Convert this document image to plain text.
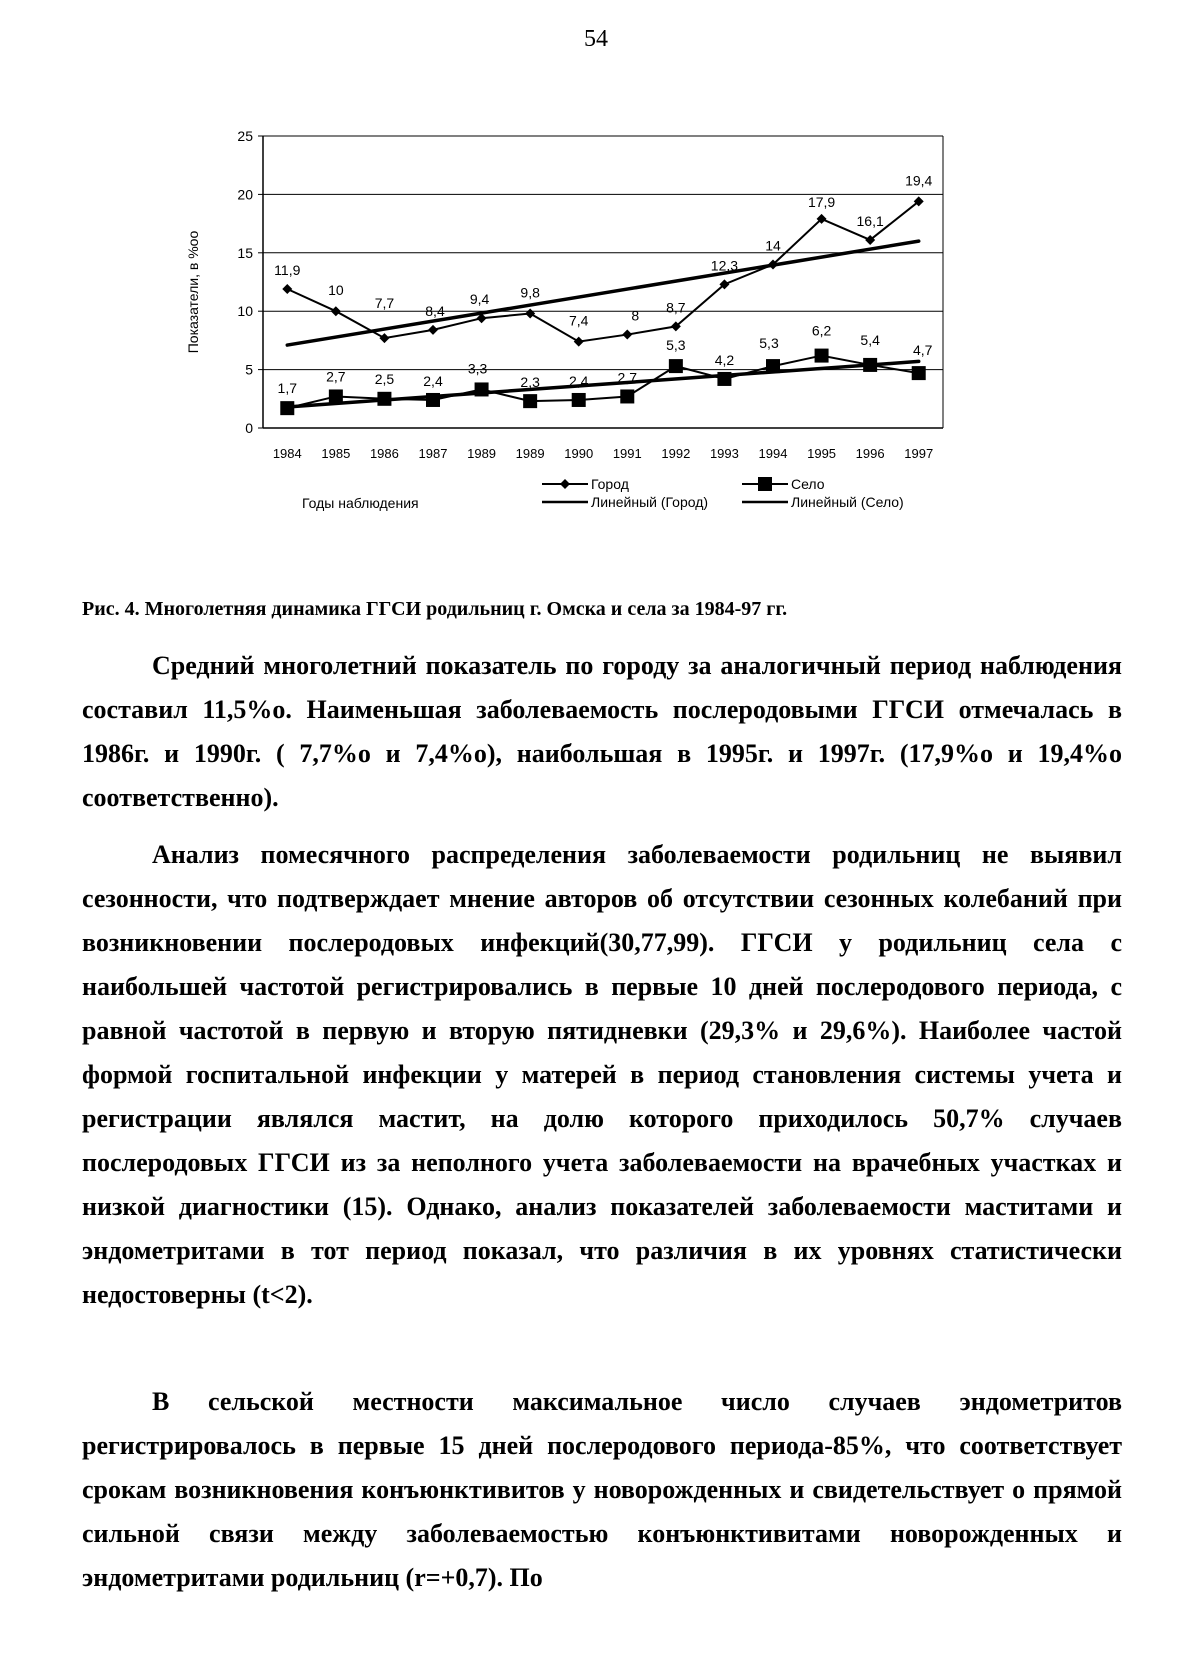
54
11,9
10
7,7 8,4
9,4 9,8
7,4	8
8,7
12,3
14
17,9
16,1
19,4
1,7
2,7 2,5 2,4
3,3
2,3 2,4 2,7
5,3
4,2
5,3
6,2
5,4
4,7
0
5
10
15
20
25
1984 1985 1986 1987 1989 1989 1990 1991 1992 1993 1994 1995 1996 1997
Показатели, в %оо
Годы наблюдения
Город
Линейный (Город)
Село
Линейный (Село)
Рис. 4. Многолетняя динамика ГГСИ родильниц г. Омска и села за 1984-97 гг.

Средний многолетний показатель по городу за аналогичный период наблюдения составил 11,5%о. Наименьшая заболеваемость послеродовыми ГГСИ отмечалась в 1986г. и 1990г. ( 7,7%о и 7,4%о), наибольшая в 1995г. и 1997г. (17,9%о и 19,4%о соответственно).

Анализ помесячного распределения заболеваемости родильниц не выявил сезонности, что подтверждает мнение авторов об отсутствии сезонных колебаний при возникновении послеродовых инфекций(30,77,99). ГГСИ у родильниц села с наибольшей частотой регистрировались в первые 10 дней послеродового периода, с равной частотой в первую и вторую пятидневки (29,3% и 29,6%). Наиболее частой формой госпитальной инфекции у матерей в период становления системы учета и регистрации являлся мастит, на долю которого приходилось 50,7% случаев послеродовых ГГСИ из за неполного учета заболеваемости на врачебных участках и низкой диагностики (15). Однако, анализ показателей заболеваемости маститами и эндометритами в тот период показал, что различия в их уровнях статистически недостоверны (t<2).

В сельской местности максимальное число случаев эндометритов регистрировалось в первые 15 дней послеродового периода-85%, что соответствует срокам возникновения конъюнктивитов у новорожденных и свидетельствует о прямой сильной связи между заболеваемостью конъюнктивитами новорожденных и эндометритами родильниц (r=+0,7). По
